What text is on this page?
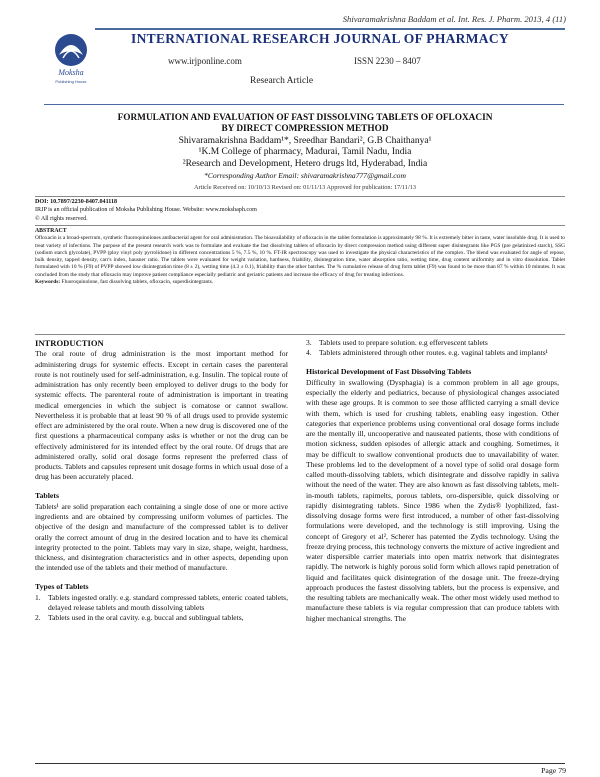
Shivaramakrishna Baddam et al. Int. Res. J. Pharm. 2013, 4 (11)
Moksha
Publishing House
INTERNATIONAL RESEARCH JOURNAL OF PHARMACY
www.irjponline.com	ISSN 2230 – 8407
Research Article
FORMULATION AND EVALUATION OF FAST DISSOLVING TABLETS OF OFLOXACIN
BY DIRECT COMPRESSION METHOD
Shivaramakrishna Baddam¹*, Sreedhar Bandari², G.B Chaithanya¹
¹K.M College of pharmacy, Madurai, Tamil Nadu, India
²Research and Development, Hetero drugs ltd, Hyderabad, India
*Corresponding Author Email: shivaramakrishna777@gmail.com
Article Received on: 10/10/13 Revised on: 01/11/13 Approved for publication: 17/11/13
DOI: 10.7897/2230-8407.041118
IRJP is an official publication of Moksha Publishing House. Website: www.mokshaph.com
© All rights reserved.
ABSTRACT
Ofloxacin is a broad-spectrum, synthetic fluoroquinolones antibacterial agent for oral administration. The bioavailability of ofloxacin in the tablet formulation is approximately 98 %. It is extremely bitter in taste, water insoluble drug. It is used to treat variety of infections. The purpose of the present research work was to formulate and evaluate the fast dissolving tablets of ofloxacin by direct compression method using different super disintegrants like PGS (pre gelatinized starch), SSG (sodium starch glycolate), PVPP (ploy vinyl poly pyrrolidone) in different concentrations 5 %, 7.5 %, 10 %. FT-IR spectroscopy was used to investigate the physical characteristics of the complex. The blend was evaluated for angle of repose, bulk density, tapped density, carr's index, hausner ratio. The tablets were evaluated for weight variation, hardness, friability, disintegration time, water absorption ratio, wetting time, drug content uniformity and in vitro dissolution. Tablet formulated with 10 % (F9) of PVPP showed low disintegration time (8 ± 2), wetting time (4.3 ± 0.1), friability than the other batches. The % cumulative release of drug form tablet (F9) was found to be more than 87 % within 10 minutes. It was concluded from the study that ofloxacin may improve patient compliance especially pediatric and geriatric patients and increase the efficacy of drug for treating infections.
Keywords: Fluoroquinolone, fast dissolving tablets, ofloxacin, superdisintegrants.
INTRODUCTION
The oral route of drug administration is the most important method for administering drugs for systemic effects. Except in certain cases the parenteral route is not routinely used for self-administration, e.g. Insulin. The topical route of administration has only recently been employed to deliver drugs to the body for systemic effects. The parenteral route of administration is important in treating medical emergencies in which the subject is comatose or cannot swallow. Nevertheless it is probable that at least 90 % of all drugs used to provide systemic effect are administered by the oral route. When a new drug is discovered one of the first questions a pharmaceutical company asks is whether or not the drug can be effectively administered for its intended effect by the oral route. Of drugs that are administered orally, solid oral dosage forms represent the preferred class of products. Tablets and capsules represent unit dosage forms in which usual dose of a drug has been accurately placed.
Tablets
Tablets¹ are solid preparation each containing a single dose of one or more active ingredients and are obtained by compressing uniform volumes of particles. The objective of the design and manufacture of the compressed tablet is to deliver orally the correct amount of drug in the desired location and to have its chemical integrity protected to the point. Tablets may vary in size, shape, weight, hardness, thickness, and disintegration characteristics and in other aspects, depending upon the intended use of the tablets and their method of manufacture.
Types of Tablets
1. Tablets ingested orally. e.g. standard compressed tablets, enteric coated tablets, delayed release tablets and mouth dissolving tablets
2. Tablets used in the oral cavity. e.g. buccal and sublingual tablets,
3. Tablets used to prepare solution. e.g effervescent tablets
4. Tablets administered through other routes. e.g. vaginal tablets and implants¹
Historical Development of Fast Dissolving Tablets
Difficulty in swallowing (Dysphagia) is a common problem in all age groups, especially the elderly and pediatrics, because of physiological changes associated with these age groups. It is common to see those afflicted carrying a small device with them, which is used for crushing tablets, enabling easy ingestion. Other categories that experience problems using conventional oral dosage forms include are the mentally ill, uncooperative and nauseated patients, those with conditions of motion sickness, sudden episodes of allergic attack and coughing. Sometimes, it may be difficult to swallow conventional products due to unavailability of water. These problems led to the development of a novel type of solid oral dosage form called mouth-dissolving tablets, which disintegrate and dissolve rapidly in saliva without the need of the water. They are also known as fast dissolving tablets, melt-in-mouth tablets, rapimelts, porous tablets, oro-dispersible, quick dissolving or rapidly disintegrating tablets. Since 1986 when the Zydis® lyophilized, fast-dissolving dosage forms were first introduced, a number of other fast-dissolving formulations were developed, and the technology is still improving. Using the concept of Gregory et al², Scherer has patented the Zydis technology. Using the freeze drying process, this technology converts the mixture of active ingredient and water dispersible carrier materials into open matrix network that disintegrates rapidly. The network is highly porous solid form which allows rapid penetration of liquid and facilitates quick disintegration of the dosage unit. The freeze-drying approach produces the fastest dissolving tablets, but the process is expensive, and the resulting tablets are mechanically weak. The other most widely used method to manufacture these tablets is via regular compression that can produce tablets with higher mechanical strengths. The
Page 79
